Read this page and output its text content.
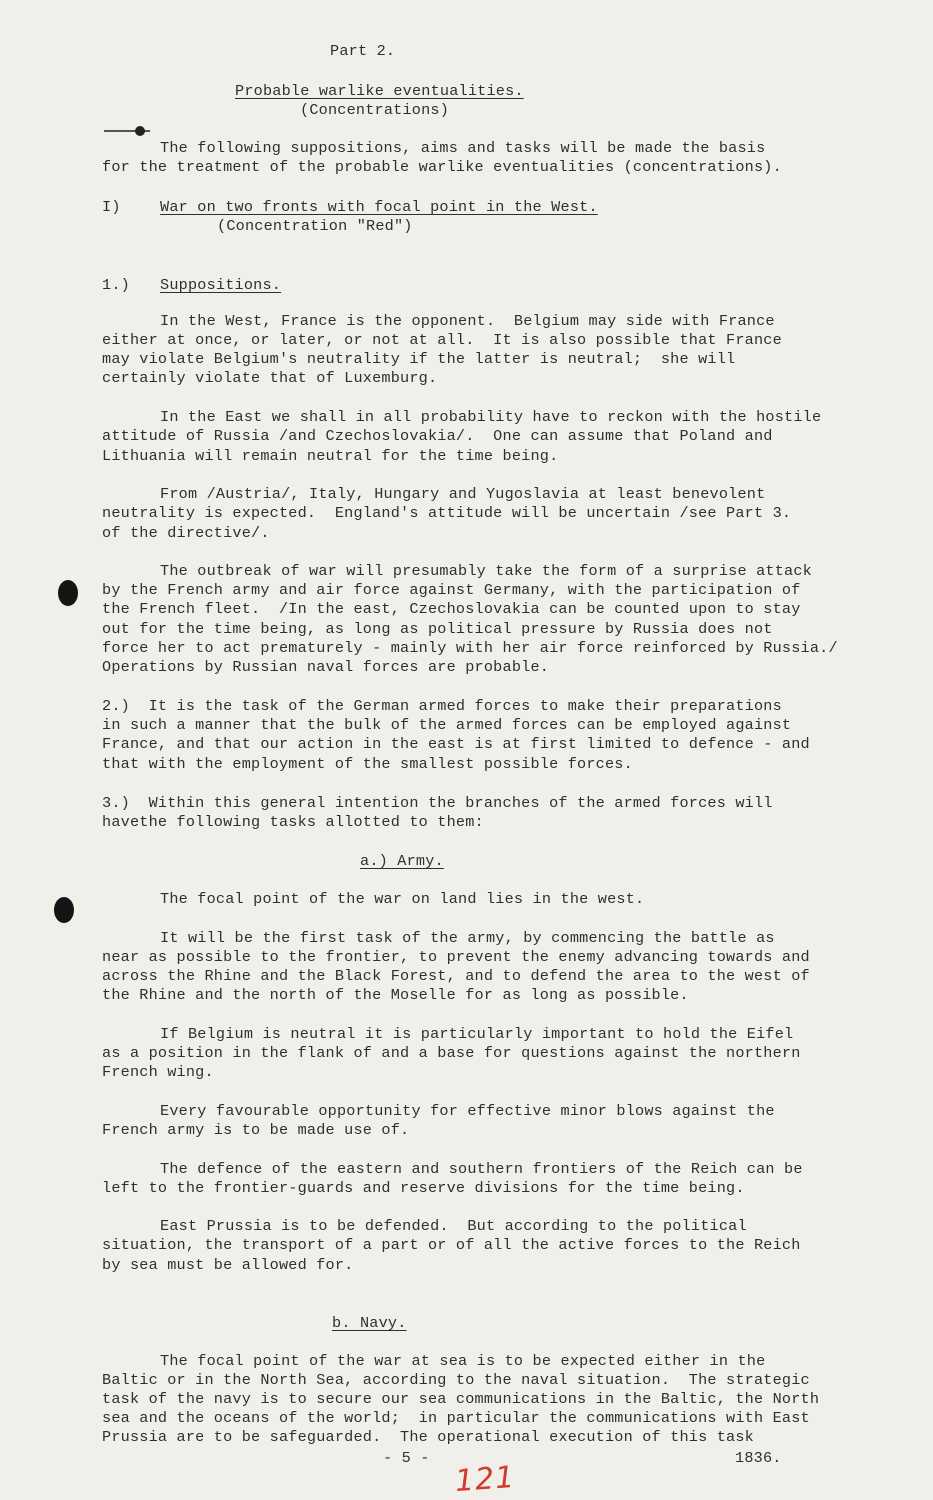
Part 2.
Probable warlike eventualities.
(Concentrations)
The following suppositions, aims and tasks will be made the basis
for the treatment of the probable warlike eventualities (concentrations).
I)	War on two fronts with focal point in the West.
(Concentration "Red")
1.) Suppositions.
In the West, France is the opponent.  Belgium may side with France
either at once, or later, or not at all.  It is also possible that France
may violate Belgium's neutrality if the latter is neutral;  she will
certainly violate that of Luxemburg.
In the East we shall in all probability have to reckon with the hostile
attitude of Russia /and Czechoslovakia/.  One can assume that Poland and
Lithuania will remain neutral for the time being.
From /Austria/, Italy, Hungary and Yugoslavia at least benevolent
neutrality is expected.  England's attitude will be uncertain /see Part 3.
of the directive/.
The outbreak of war will presumably take the form of a surprise attack
by the French army and air force against Germany, with the participation of
the French fleet.  /In the east, Czechoslovakia can be counted upon to stay
out for the time being, as long as political pressure by Russia does not
force her to act prematurely - mainly with her air force reinforced by Russia./
Operations by Russian naval forces are probable.
2.)  It is the task of the German armed forces to make their preparations
in such a manner that the bulk of the armed forces can be employed against
France, and that our action in the east is at first limited to defence - and
that with the employment of the smallest possible forces.
3.)  Within this general intention the branches of the armed forces will
havethe following tasks allotted to them:
a.) Army.
The focal point of the war on land lies in the west.
It will be the first task of the army, by commencing the battle as
near as possible to the frontier, to prevent the enemy advancing towards and
across the Rhine and the Black Forest, and to defend the area to the west of
the Rhine and the north of the Moselle for as long as possible.
If Belgium is neutral it is particularly important to hold the Eifel
as a position in the flank of and a base for questions against the northern
French wing.
Every favourable opportunity for effective minor blows against the
French army is to be made use of.
The defence of the eastern and southern frontiers of the Reich can be
left to the frontier-guards and reserve divisions for the time being.
East Prussia is to be defended.  But according to the political
situation, the transport of a part or of all the active forces to the Reich
by sea must be allowed for.
b. Navy.
The focal point of the war at sea is to be expected either in the
Baltic or in the North Sea, according to the naval situation.  The strategic
task of the navy is to secure our sea communications in the Baltic, the North
sea and the oceans of the world;  in particular the communications with East
Prussia are to be safeguarded.  The operational execution of this task
- 5 -	1836.
121
